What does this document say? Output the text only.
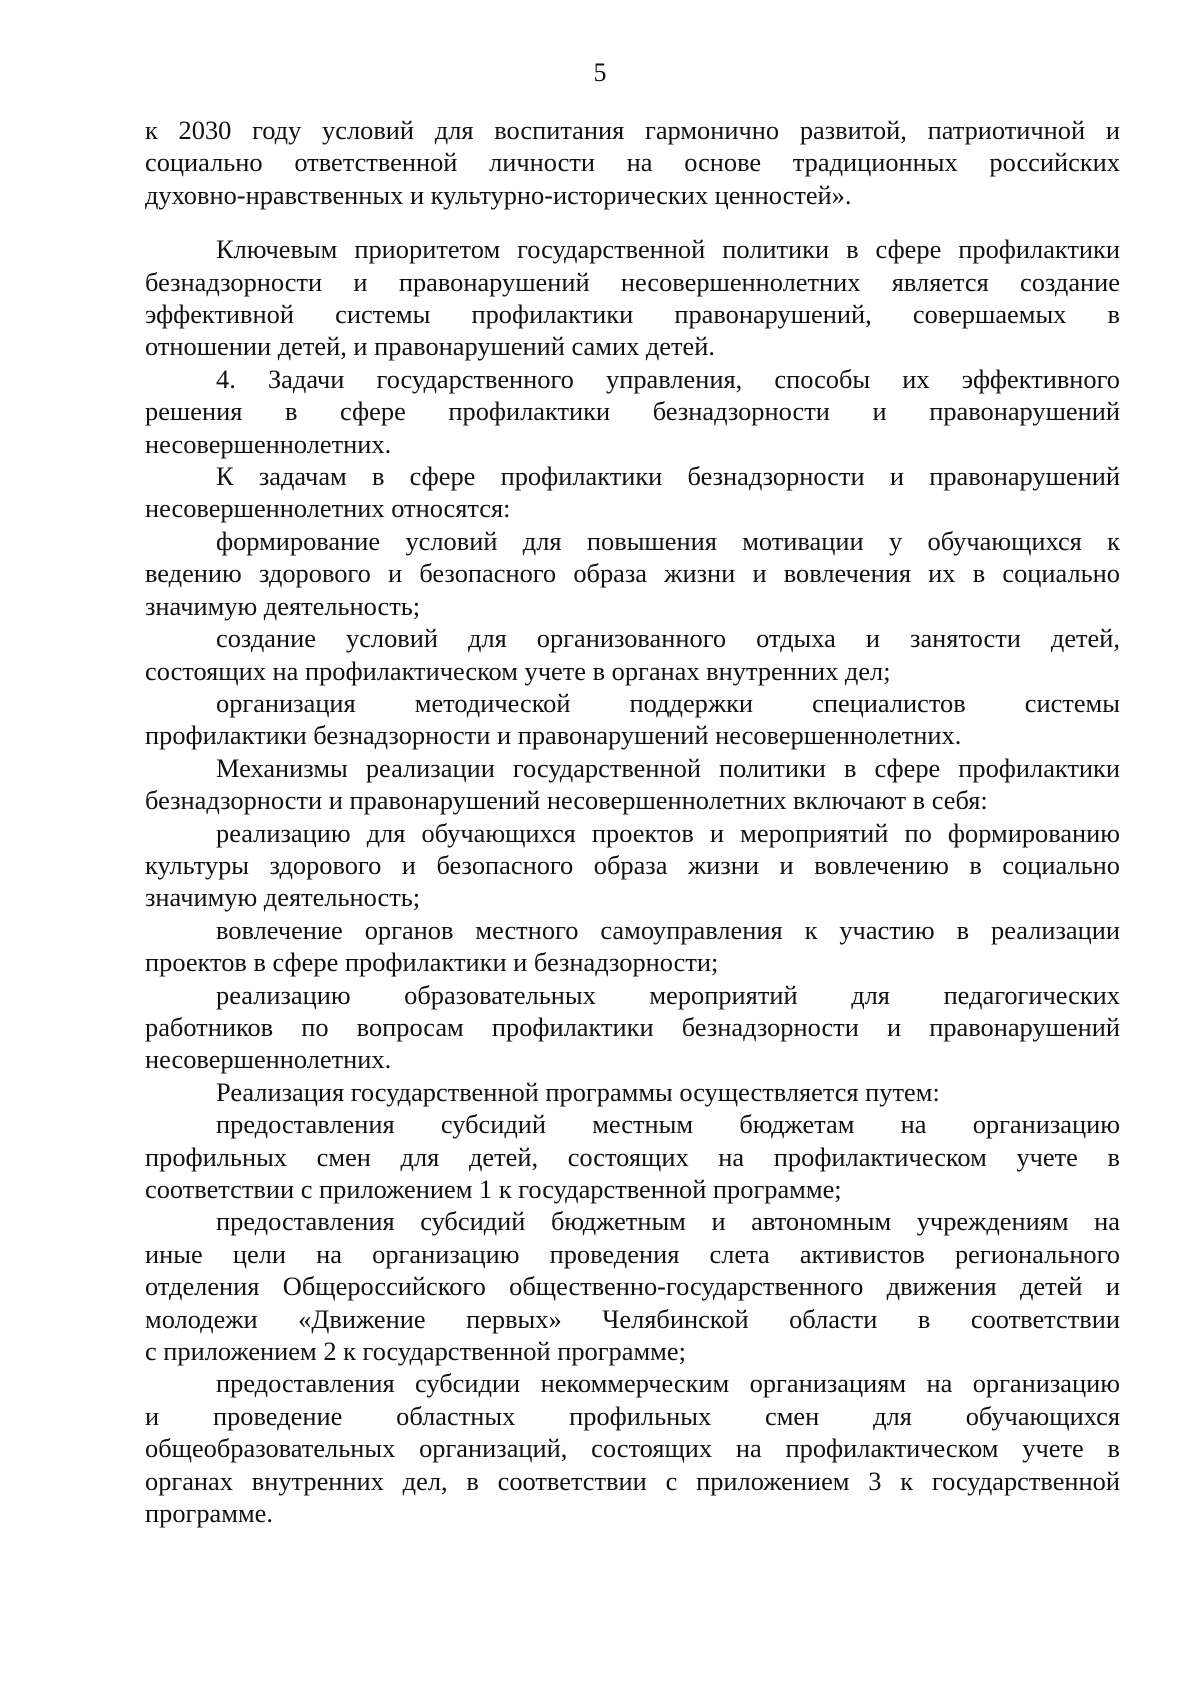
5

к 2030 году условий для воспитания гармонично развитой, патриотичной и
социально ответственной личности на основе традиционных российских
духовно-нравственных и культурно-исторических ценностей».

Ключевым приоритетом государственной политики в сфере профилактики
безнадзорности и правонарушений несовершеннолетних является создание
эффективной системы профилактики правонарушений, совершаемых в
отношении детей, и правонарушений самих детей.

4. Задачи государственного управления, способы их эффективного
решения в сфере профилактики безнадзорности и правонарушений
несовершеннолетних.

К задачам в сфере профилактики безнадзорности и правонарушений
несовершеннолетних относятся:

формирование условий для повышения мотивации у обучающихся к
ведению здорового и безопасного образа жизни и вовлечения их в социально
значимую деятельность;

создание условий для организованного отдыха и занятости детей,
состоящих на профилактическом учете в органах внутренних дел;

организация методической поддержки специалистов системы
профилактики безнадзорности и правонарушений несовершеннолетних.

Механизмы реализации государственной политики в сфере профилактики
безнадзорности и правонарушений несовершеннолетних включают в себя:

реализацию для обучающихся проектов и мероприятий по формированию
культуры здорового и безопасного образа жизни и вовлечению в социально
значимую деятельность;

вовлечение органов местного самоуправления к участию в реализации
проектов в сфере профилактики и безнадзорности;

реализацию образовательных мероприятий для педагогических
работников по вопросам профилактики безнадзорности и правонарушений
несовершеннолетних.

Реализация государственной программы осуществляется путем:

предоставления субсидий местным бюджетам на организацию
профильных смен для детей, состоящих на профилактическом учете в
соответствии с приложением 1 к государственной программе;

предоставления субсидий бюджетным и автономным учреждениям на
иные цели на организацию проведения слета активистов регионального
отделения Общероссийского общественно-государственного движения детей и
молодежи «Движение первых» Челябинской области в соответствии
с приложением 2 к государственной программе;

предоставления субсидии некоммерческим организациям на организацию
и проведение областных профильных смен для обучающихся
общеобразовательных организаций, состоящих на профилактическом учете в
органах внутренних дел, в соответствии с приложением 3 к государственной
программе.
